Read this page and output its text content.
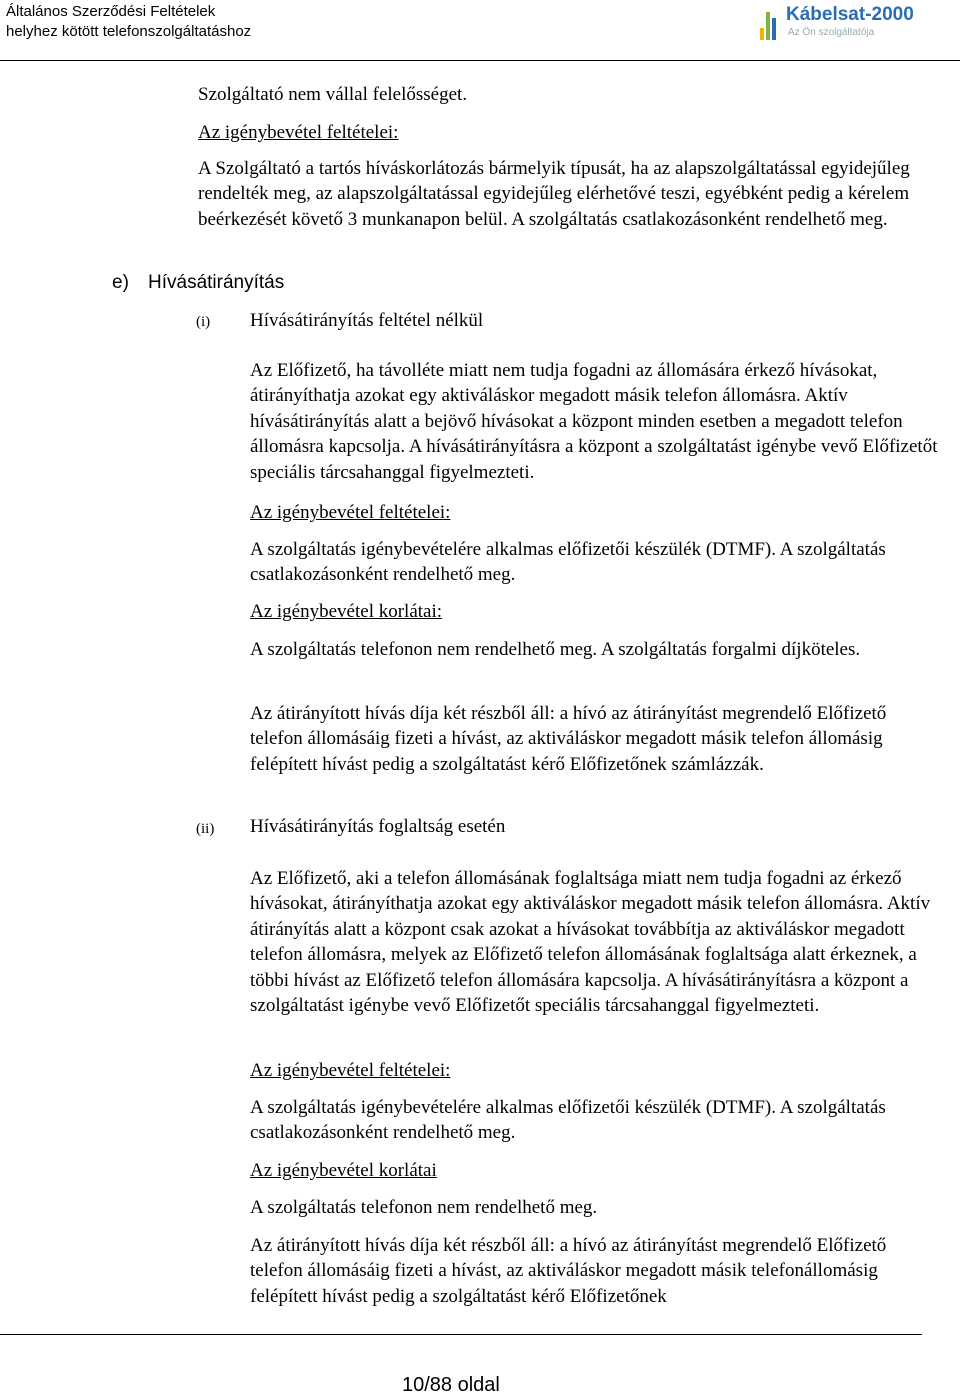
Általános Szerződési Feltételek
helyhez kötött telefonszolgáltatáshoz
Kábelsat-2000
Az Ön szolgáltatója

Szolgáltató nem vállal felelősséget.

Az igénybevétel feltételei:

A Szolgáltató a tartós híváskorlátozás bármelyik típusát, ha az alapszolgáltatással egyidejűleg rendelték meg, az alapszolgáltatással egyidejűleg elérhetővé teszi, egyébként pedig a kérelem beérkezését követő 3 munkanapon belül. A szolgáltatás csatlakozásonként rendelhető meg.

e) Hívásátirányítás
(i) Hívásátirányítás feltétel nélkül

Az Előfizető, ha távolléte miatt nem tudja fogadni az állomására érkező hívásokat, átirányíthatja azokat egy aktiváláskor megadott másik telefon állomásra. Aktív hívásátirányítás alatt a bejövő hívásokat a központ minden esetben a megadott telefon állomásra kapcsolja. A hívásátirányításra a központ a szolgáltatást igénybe vevő Előfizetőt speciális tárcsahanggal figyelmezteti.

Az igénybevétel feltételei:

A szolgáltatás igénybevételére alkalmas előfizetői készülék (DTMF). A szolgáltatás csatlakozásonként rendelhető meg.

Az igénybevétel korlátai:

A szolgáltatás telefonon nem rendelhető meg. A szolgáltatás forgalmi díjköteles.

Az átirányított hívás díja két részből áll: a hívó az átirányítást megrendelő Előfizető telefon állomásáig fizeti a hívást, az aktiváláskor megadott másik telefon állomásig felépített hívást pedig a szolgáltatást kérő Előfizetőnek számlázzák.

(ii) Hívásátirányítás foglaltság esetén

Az Előfizető, aki a telefon állomásának foglaltsága miatt nem tudja fogadni az érkező hívásokat, átirányíthatja azokat egy aktiváláskor megadott másik telefon állomásra. Aktív átirányítás alatt a központ csak azokat a hívásokat továbbítja az aktiváláskor megadott telefon állomásra, melyek az Előfizető telefon állomásának foglaltsága alatt érkeznek, a többi hívást az Előfizető telefon állomására kapcsolja. A hívásátirányításra a központ a szolgáltatást igénybe vevő Előfizetőt speciális tárcsahanggal figyelmezteti.

Az igénybevétel feltételei:

A szolgáltatás igénybevételére alkalmas előfizetői készülék (DTMF). A szolgáltatás csatlakozásonként rendelhető meg.

Az igénybevétel korlátai

A szolgáltatás telefonon nem rendelhető meg.

Az átirányított hívás díja két részből áll: a hívó az átirányítást megrendelő Előfizető telefon állomásáig fizeti a hívást, az aktiváláskor megadott másik telefonállomásig felépített hívást pedig a szolgáltatást kérő Előfizetőnek

10/88 oldal
